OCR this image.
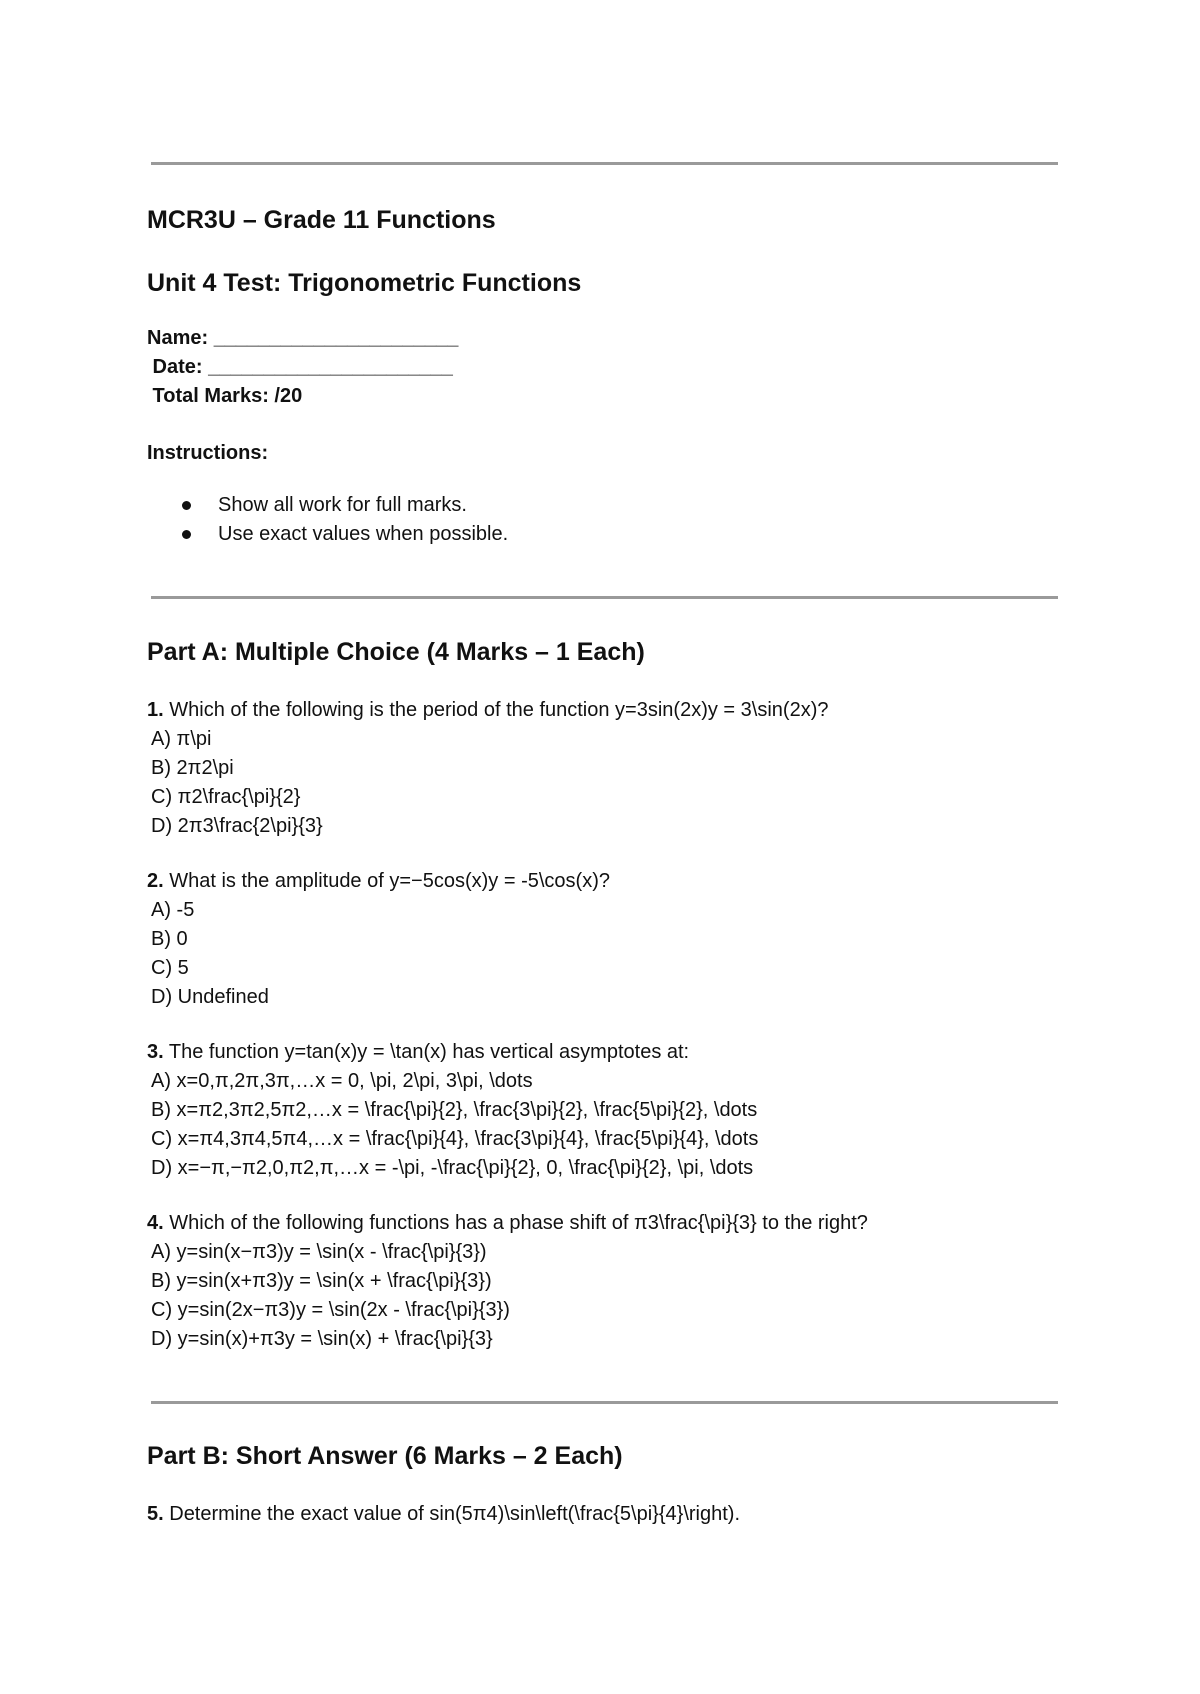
MCR3U – Grade 11 Functions
Unit 4 Test: Trigonometric Functions
Name: ______________________
Date: ______________________
Total Marks: /20
Instructions:
Show all work for full marks.
Use exact values when possible.
Part A: Multiple Choice (4 Marks – 1 Each)
1. Which of the following is the period of the function y=3sin(2x)y = 3\sin(2x)?
A) π\pi
B) 2π2\pi
C) π2\frac{\pi}{2}
D) 2π3\frac{2\pi}{3}
2. What is the amplitude of y=−5cos(x)y = -5\cos(x)?
A) -5
B) 0
C) 5
D) Undefined
3. The function y=tan(x)y = \tan(x) has vertical asymptotes at:
A) x=0,π,2π,3π,…x = 0, \pi, 2\pi, 3\pi, \dots
B) x=π2,3π2,5π2,…x = \frac{\pi}{2}, \frac{3\pi}{2}, \frac{5\pi}{2}, \dots
C) x=π4,3π4,5π4,…x = \frac{\pi}{4}, \frac{3\pi}{4}, \frac{5\pi}{4}, \dots
D) x=−π,−π2,0,π2,π,…x = -\pi, -\frac{\pi}{2}, 0, \frac{\pi}{2}, \pi, \dots
4. Which of the following functions has a phase shift of π3\frac{\pi}{3} to the right?
A) y=sin(x−π3)y = \sin(x - \frac{\pi}{3})
B) y=sin(x+π3)y = \sin(x + \frac{\pi}{3})
C) y=sin(2x−π3)y = \sin(2x - \frac{\pi}{3})
D) y=sin(x)+π3y = \sin(x) + \frac{\pi}{3}
Part B: Short Answer (6 Marks – 2 Each)
5. Determine the exact value of sin(5π4)\sin\left(\frac{5\pi}{4}\right).
